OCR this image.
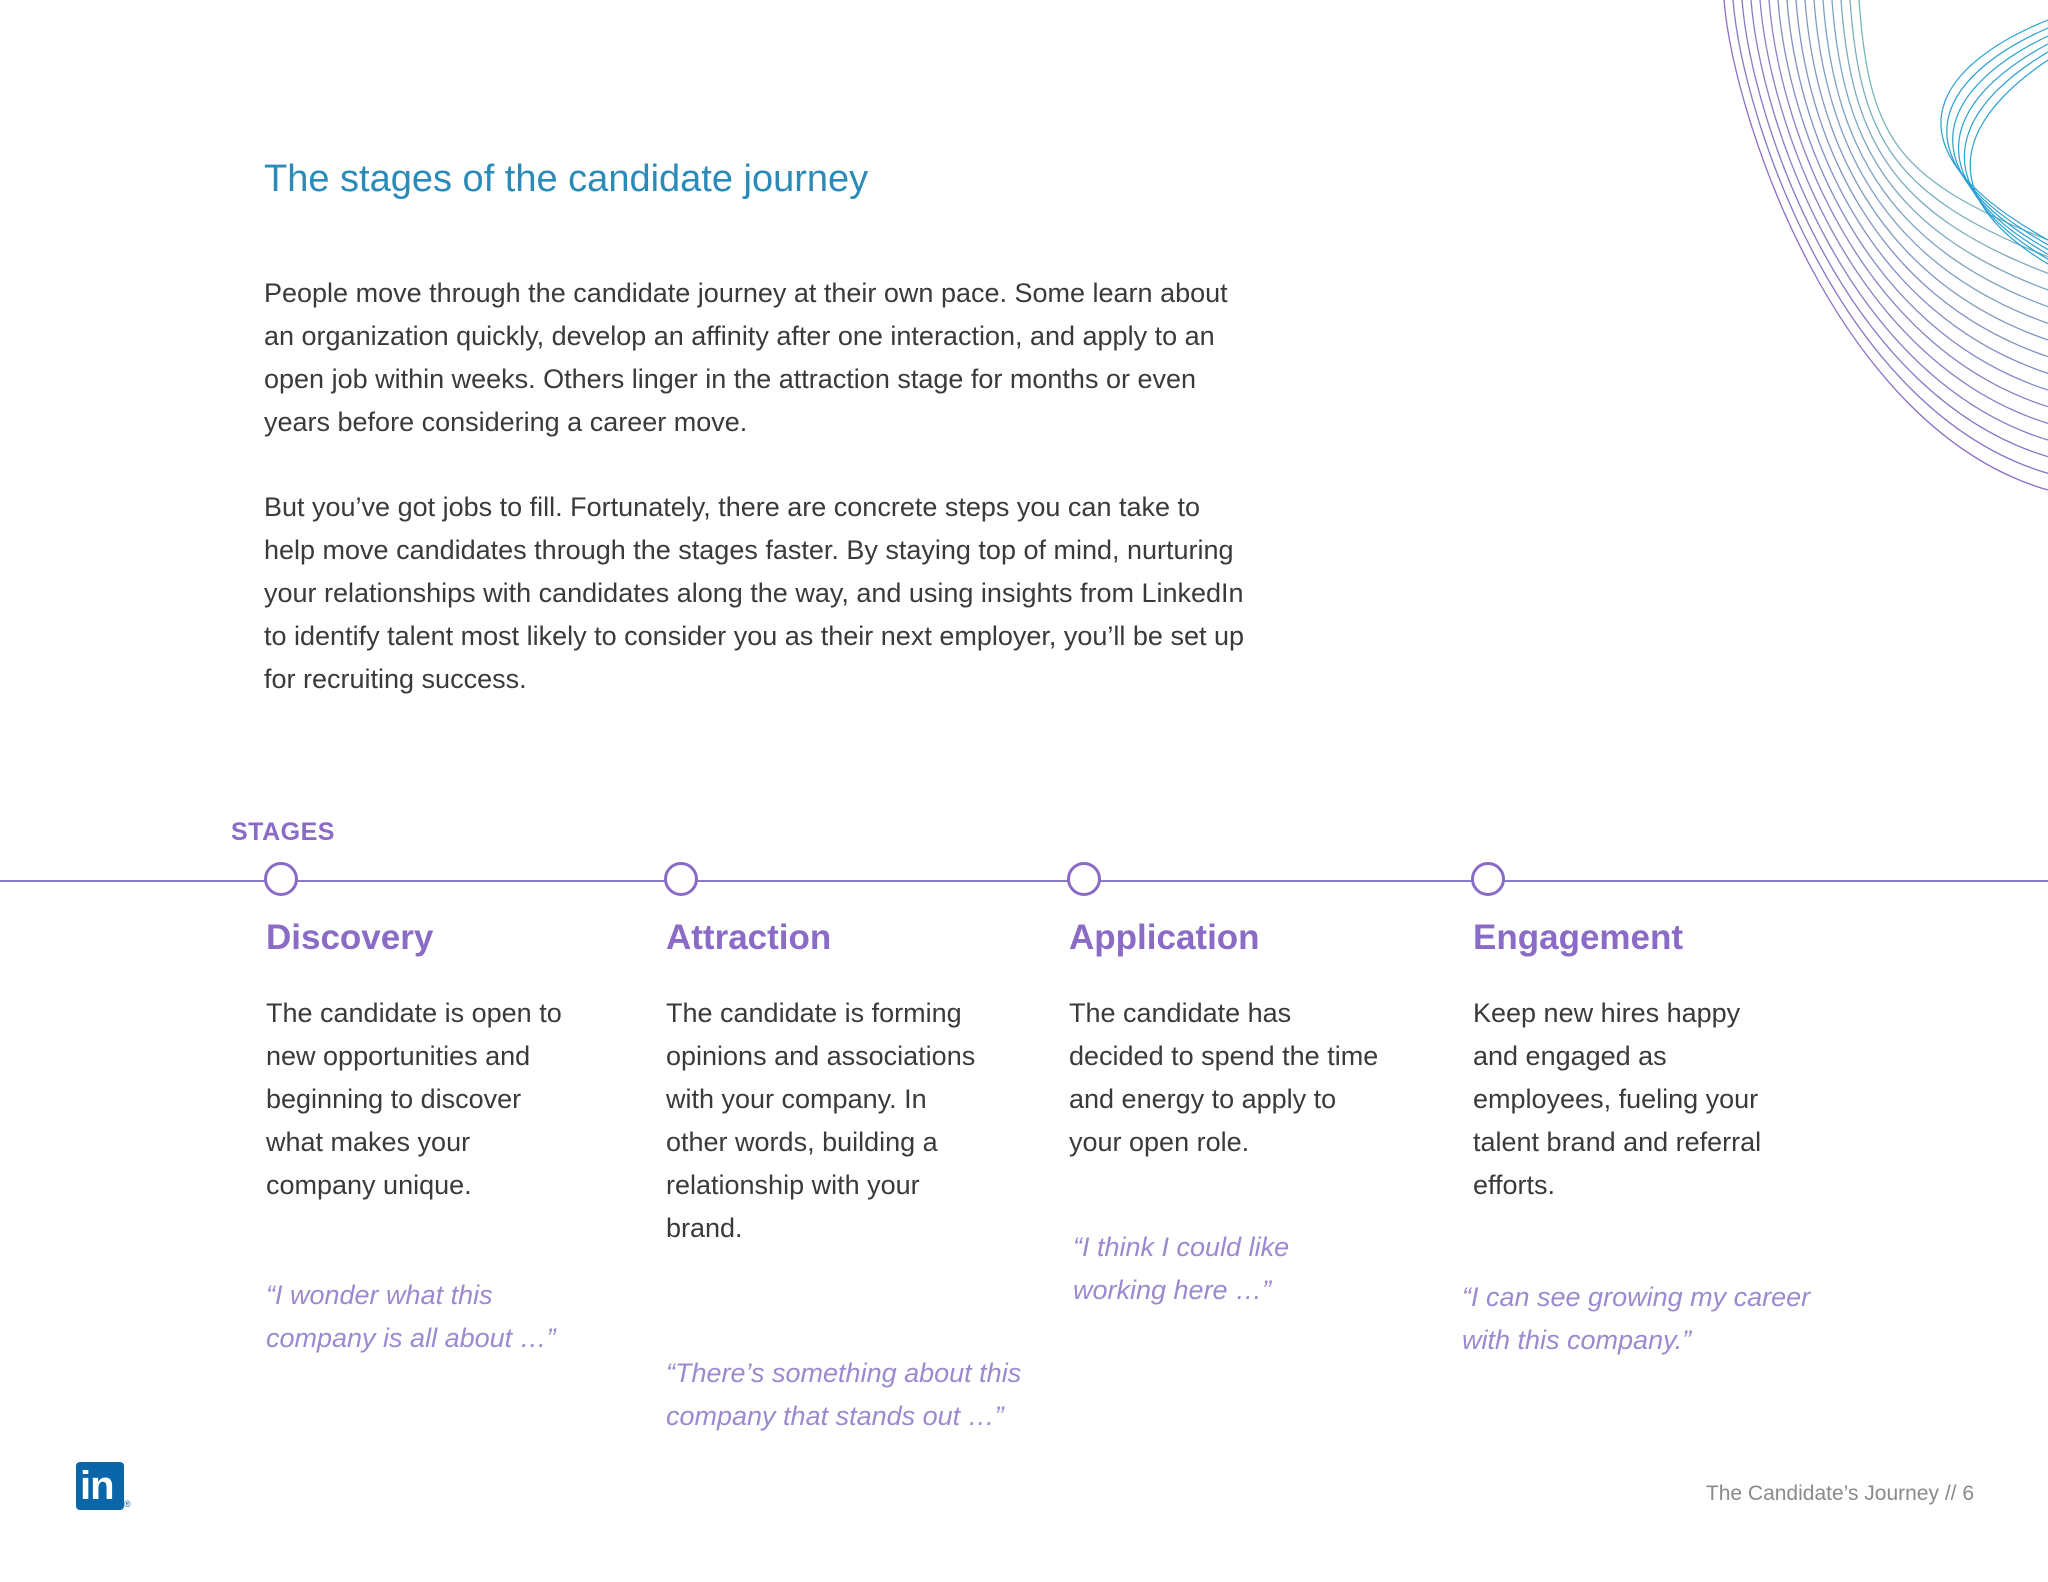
The stages of the candidate journey

People move through the candidate journey at their own pace. Some learn about an organization quickly, develop an affinity after one interaction, and apply to an open job within weeks. Others linger in the attraction stage for months or even years before considering a career move.

But you’ve got jobs to fill. Fortunately, there are concrete steps you can take to help move candidates through the stages faster. By staying top of mind, nurturing your relationships with candidates along the way, and using insights from LinkedIn to identify talent most likely to consider you as their next employer, you’ll be set up for recruiting success.

STAGES
Discovery

The candidate is open to new opportunities and beginning to discover what makes your company unique.

“I wonder what this company is all about …”

Attraction

The candidate is forming opinions and associations with your company. In other words, building a relationship with your brand.

“There’s something about this company that stands out …”

Application

The candidate has decided to spend the time and energy to apply to your open role.

“I think I could like working here …”

Engagement

Keep new hires happy and engaged as employees, fueling your talent brand and referral efforts.

“I can see growing my career with this company.”

in ®	The Candidate’s Journey // 6
